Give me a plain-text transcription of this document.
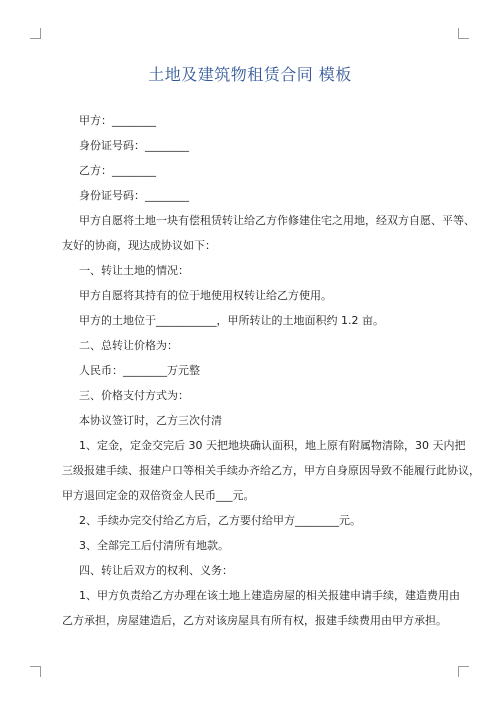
土地及建筑物租赁合同 模板
甲方：________
身份证号码：________
乙方：________
身份证号码：________
甲方自愿将土地一块有偿租赁转让给乙方作修建住宅之用地，经双方自愿、平等、
友好的协商，现达成协议如下：
一、转让土地的情况：
甲方自愿将其持有的位于地使用权转让给乙方使用。
甲方的土地位于___________，甲所转让的土地面积约 1.2 亩。
二、总转让价格为：
人民币：________万元整
三、价格支付方式为：
本协议签订时，乙方三次付清
1、定金，定金交完后 30 天把地块确认面积，地上原有附属物清除，30 天内把
三级报建手续、报建户口等相关手续办齐给乙方，甲方自身原因导致不能履行此协议，
甲方退回定金的双倍资金人民币___元。
2、手续办完交付给乙方后，乙方要付给甲方________元。
3、全部完工后付清所有地款。
四、转让后双方的权利、义务：
1、甲方负责给乙方办理在该土地上建造房屋的相关报建申请手续，建造费用由
乙方承担，房屋建造后，乙方对该房屋具有所有权，报建手续费用由甲方承担。
